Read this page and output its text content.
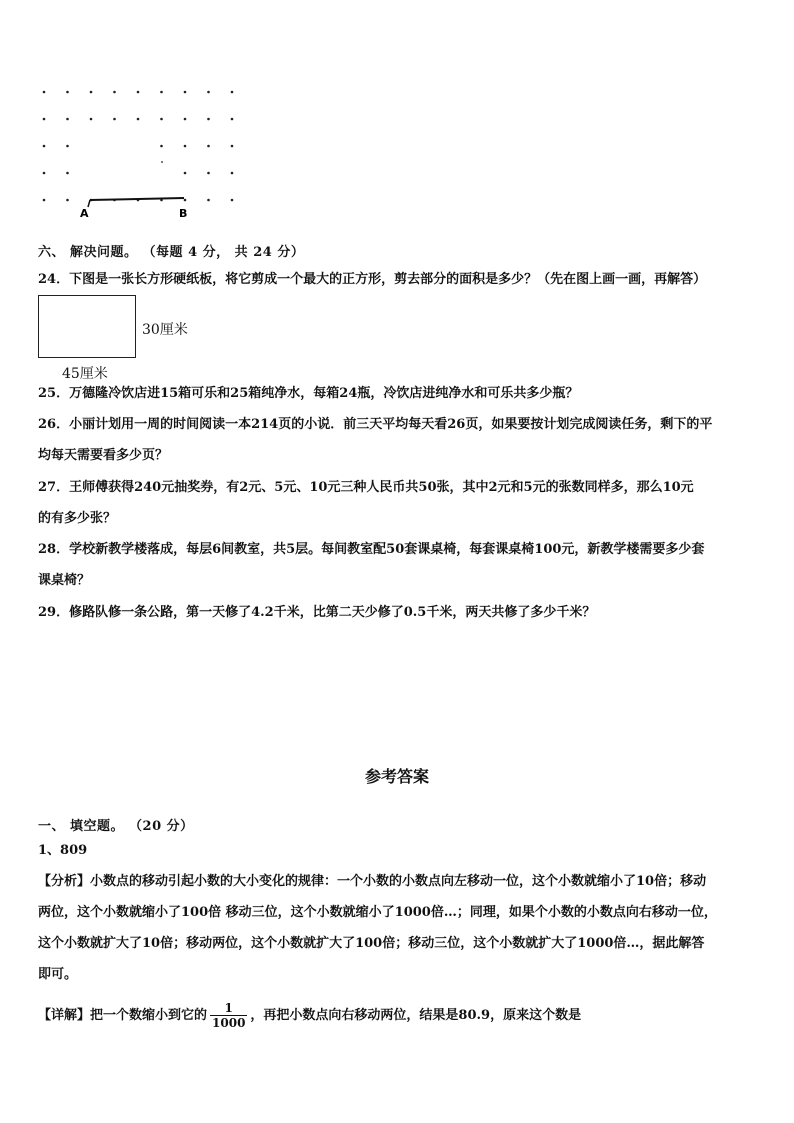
A	B
六、 解决问题。 （每题 4 分， 共 24 分）
24．下图是一张长方形硬纸板，将它剪成一个最大的正方形，剪去部分的面积是多少？（先在图上画一画，再解答）
30厘米
45厘米
25．万德隆冷饮店进15箱可乐和25箱纯净水，每箱24瓶，冷饮店进纯净水和可乐共多少瓶？
26．小丽计划用一周的时间阅读一本214页的小说．前三天平均每天看26页，如果要按计划完成阅读任务，剩下的平
均每天需要看多少页？
27．王师傅获得240元抽奖券，有2元、5元、10元三种人民币共50张，其中2元和5元的张数同样多，那么10元
的有多少张？
28．学校新教学楼落成，每层6间教室，共5层。每间教室配50套课桌椅，每套课桌椅100元，新教学楼需要多少套
课桌椅？
29．修路队修一条公路，第一天修了4.2千米，比第二天少修了0.5千米，两天共修了多少千米？
参考答案
一、 填空题。 （20 分）
1、809
【分析】小数点的移动引起小数的大小变化的规律：一个小数的小数点向左移动一位，这个小数就缩小了10倍；移动
两位，这个小数就缩小了100倍 移动三位，这个小数就缩小了1000倍…；同理，如果个小数的小数点向右移动一位，
这个小数就扩大了10倍；移动两位，这个小数就扩大了100倍；移动三位，这个小数就扩大了1000倍…，据此解答
即可。
【详解】把一个数缩小到它的 $\frac{1}{1000}$ ，再把小数点向右移动两位，结果是80.9，原来这个数是
